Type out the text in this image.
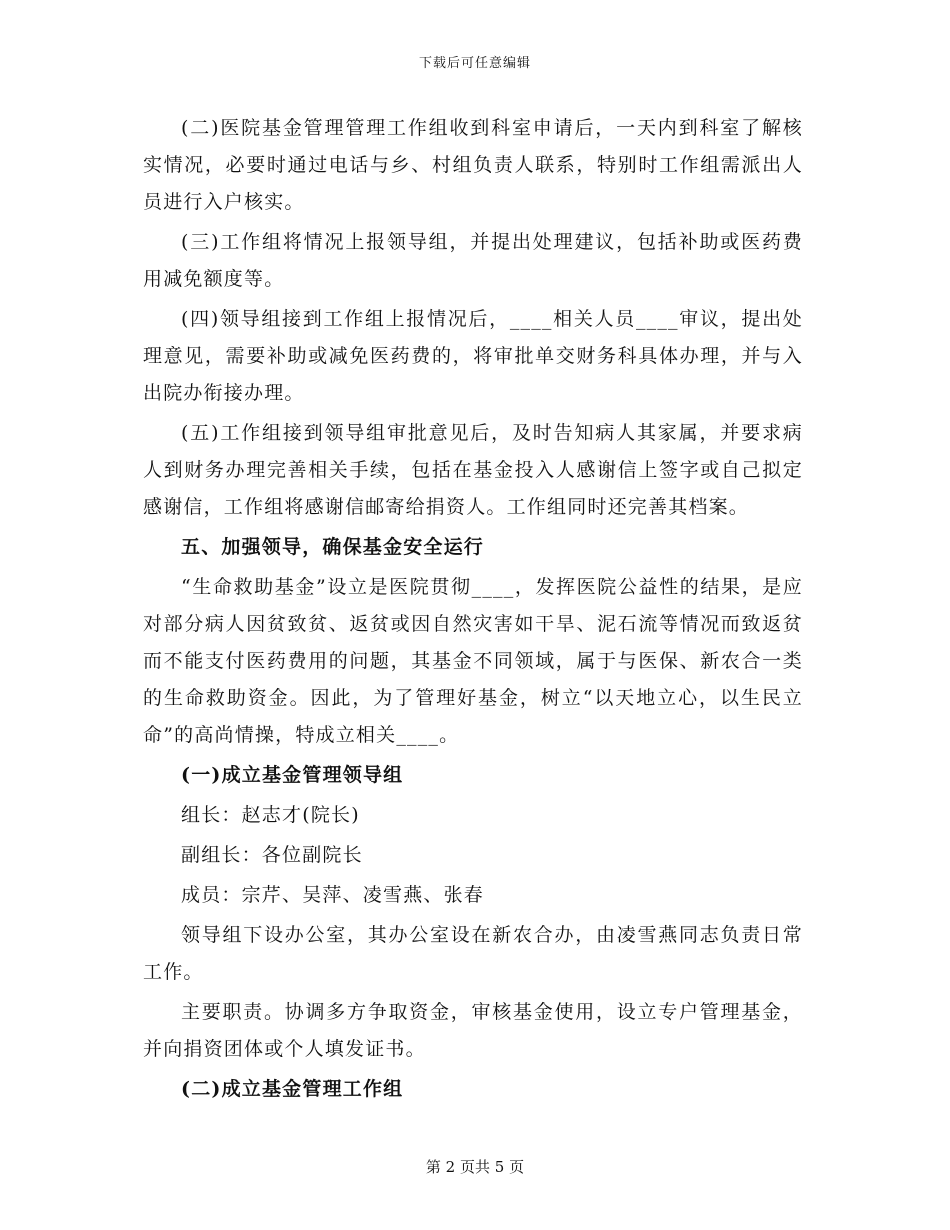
下载后可任意编辑

(二)医院基金管理管理工作组收到科室申请后，一天内到科室了解核实情况，必要时通过电话与乡、村组负责人联系，特别时工作组需派出人员进行入户核实。

(三)工作组将情况上报领导组，并提出处理建议，包括补助或医药费用减免额度等。

(四)领导组接到工作组上报情况后，____相关人员____审议，提出处理意见，需要补助或减免医药费的，将审批单交财务科具体办理，并与入出院办衔接办理。

(五)工作组接到领导组审批意见后，及时告知病人其家属，并要求病人到财务办理完善相关手续，包括在基金投入人感谢信上签字或自己拟定感谢信，工作组将感谢信邮寄给捐资人。工作组同时还完善其档案。

五、加强领导，确保基金安全运行

“生命救助基金”设立是医院贯彻____，发挥医院公益性的结果，是应对部分病人因贫致贫、返贫或因自然灾害如干旱、泥石流等情况而致返贫而不能支付医药费用的问题，其基金不同领域，属于与医保、新农合一类的生命救助资金。因此，为了管理好基金，树立“以天地立心，以生民立命”的高尚情操，特成立相关____。

(一)成立基金管理领导组

组长：赵志才(院长)

副组长：各位副院长

成员：宗芹、吴萍、凌雪燕、张春

领导组下设办公室，其办公室设在新农合办，由凌雪燕同志负责日常工作。

主要职责。协调多方争取资金，审核基金使用，设立专户管理基金，并向捐资团体或个人填发证书。

(二)成立基金管理工作组

第 2 页共 5 页
